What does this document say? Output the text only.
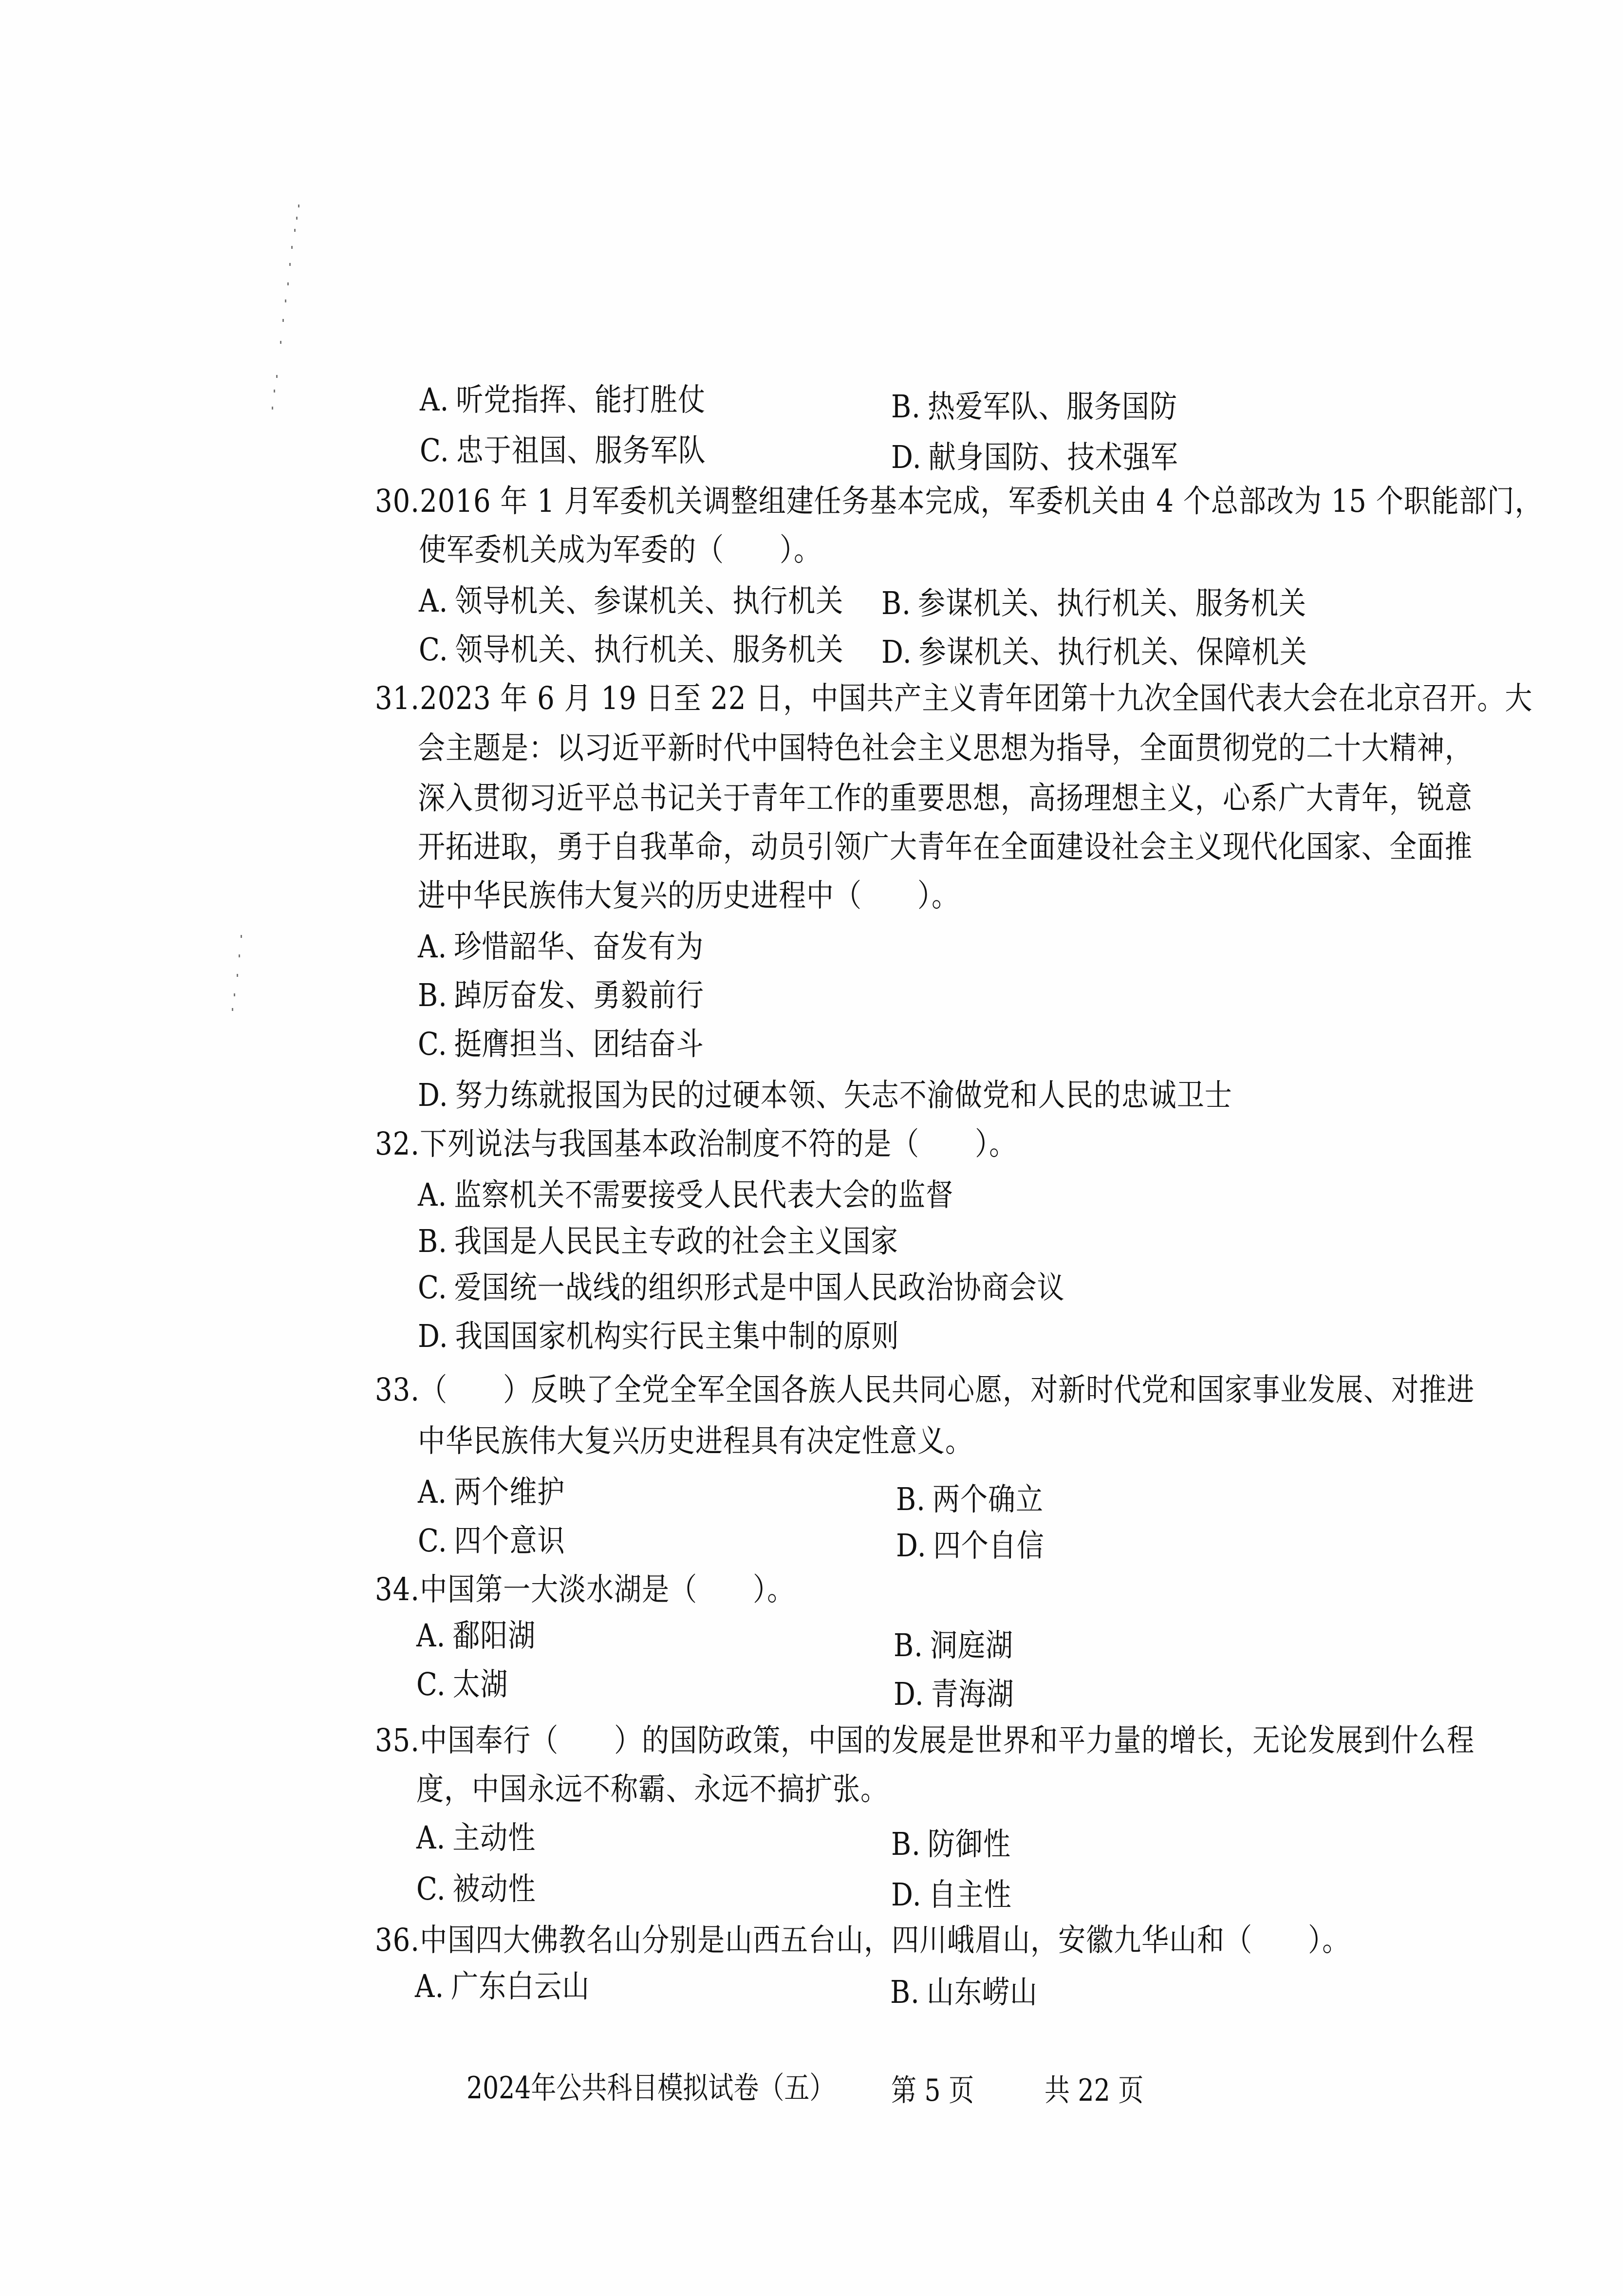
A. 听党指挥、能打胜仗	B. 热爱军队、服务国防
C. 忠于祖国、服务军队	D. 献身国防、技术强军
30.2016 年 1 月军委机关调整组建任务基本完成，军委机关由 4 个总部改为 15 个职能部门，
使军委机关成为军委的（　　）。
A. 领导机关、参谋机关、执行机关 B. 参谋机关、执行机关、服务机关
C. 领导机关、执行机关、服务机关 D. 参谋机关、执行机关、保障机关
31.2023 年 6 月 19 日至 22 日，中国共产主义青年团第十九次全国代表大会在北京召开。大
会主题是：以习近平新时代中国特色社会主义思想为指导，全面贯彻党的二十大精神，
深入贯彻习近平总书记关于青年工作的重要思想，高扬理想主义，心系广大青年，锐意
开拓进取，勇于自我革命，动员引领广大青年在全面建设社会主义现代化国家、全面推
进中华民族伟大复兴的历史进程中（　　）。
A. 珍惜韶华、奋发有为
B. 踔厉奋发、勇毅前行
C. 挺膺担当、团结奋斗
D. 努力练就报国为民的过硬本领、矢志不渝做党和人民的忠诚卫士
32.下列说法与我国基本政治制度不符的是（　　）。
A. 监察机关不需要接受人民代表大会的监督
B. 我国是人民民主专政的社会主义国家
C. 爱国统一战线的组织形式是中国人民政治协商会议
D. 我国国家机构实行民主集中制的原则
33.（　　）反映了全党全军全国各族人民共同心愿，对新时代党和国家事业发展、对推进
中华民族伟大复兴历史进程具有决定性意义。
A. 两个维护	B. 两个确立
C. 四个意识	D. 四个自信
34.中国第一大淡水湖是（　　）。
A. 鄱阳湖	B. 洞庭湖
C. 太湖	D. 青海湖
35.中国奉行（　　）的国防政策，中国的发展是世界和平力量的增长，无论发展到什么程
度，中国永远不称霸、永远不搞扩张。
A. 主动性	B. 防御性
C. 被动性	D. 自主性
36.中国四大佛教名山分别是山西五台山，四川峨眉山，安徽九华山和（　　）。
A. 广东白云山	B. 山东崂山
2024年公共科目模拟试卷（五） 第 5 页	共 22 页
